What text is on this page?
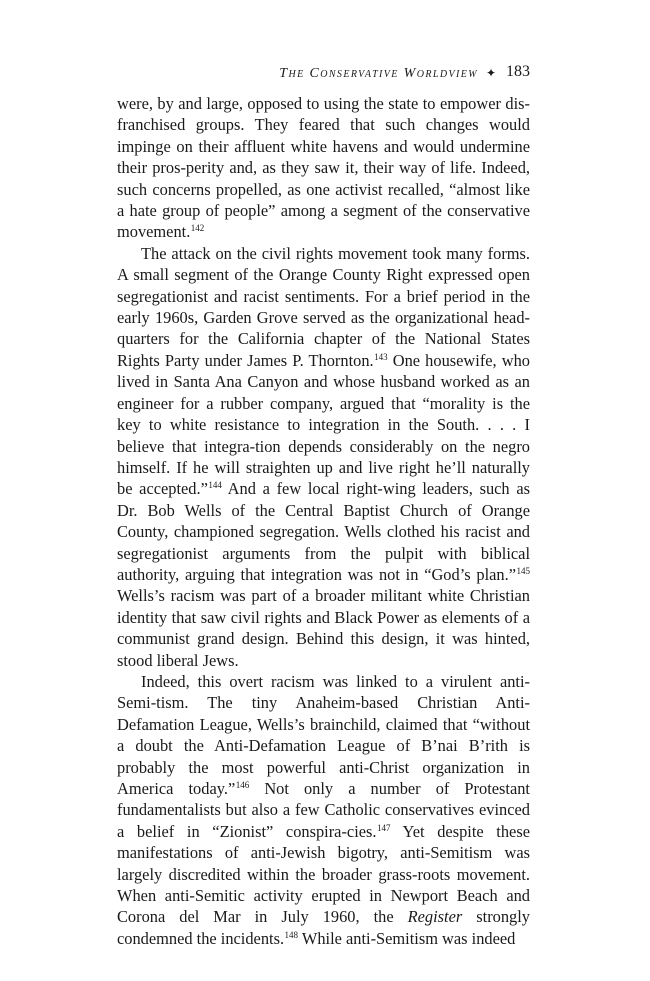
The Conservative Worldview ✦ 183

were, by and large, opposed to using the state to empower dis-franchised groups. They feared that such changes would impinge on their affluent white havens and would undermine their pros-perity and, as they saw it, their way of life. Indeed, such concerns propelled, as one activist recalled, “almost like a hate group of people” among a segment of the conservative movement.$^{142}$

The attack on the civil rights movement took many forms. A small segment of the Orange County Right expressed open segregationist and racist sentiments. For a brief period in the early 1960s, Garden Grove served as the organizational head-quarters for the California chapter of the National States Rights Party under James P. Thornton.$^{143}$ One housewife, who lived in Santa Ana Canyon and whose husband worked as an engineer for a rubber company, argued that “morality is the key to white resistance to integration in the South. . . . I believe that integra-tion depends considerably on the negro himself. If he will straighten up and live right he’ll naturally be accepted.”$^{144}$ And a few local right-wing leaders, such as Dr. Bob Wells of the Central Baptist Church of Orange County, championed segregation. Wells clothed his racist and segregationist arguments from the pulpit with biblical authority, arguing that integration was not in “God’s plan.”$^{145}$ Wells’s racism was part of a broader militant white Christian identity that saw civil rights and Black Power as elements of a communist grand design. Behind this design, it was hinted, stood liberal Jews.

Indeed, this overt racism was linked to a virulent anti-Semi-tism. The tiny Anaheim-based Christian Anti-Defamation League, Wells’s brainchild, claimed that “without a doubt the Anti-Defamation League of B’nai B’rith is probably the most powerful anti-Christ organization in America today.”$^{146}$ Not only a number of Protestant fundamentalists but also a few Catholic conservatives evinced a belief in “Zionist” conspira-cies.$^{147}$ Yet despite these manifestations of anti-Jewish bigotry, anti-Semitism was largely discredited within the broader grass-roots movement. When anti-Semitic activity erupted in Newport Beach and Corona del Mar in July 1960, the Register strongly condemned the incidents.$^{148}$ While anti-Semitism was indeed
